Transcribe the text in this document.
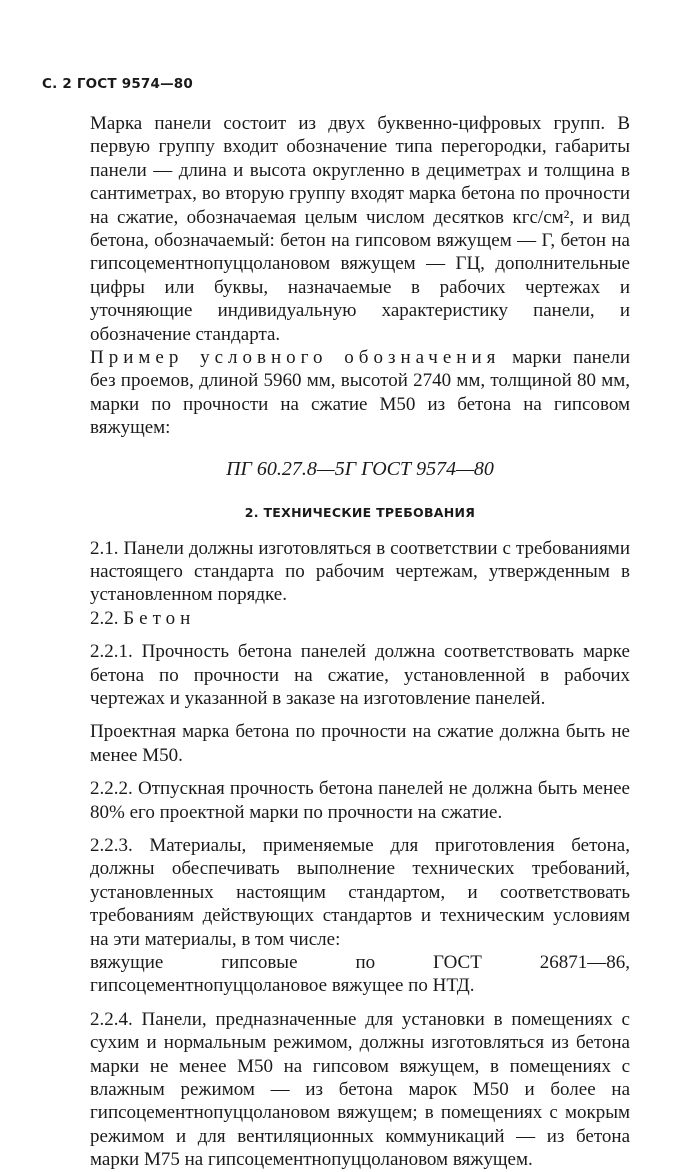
С. 2 ГОСТ 9574—80

Марка панели состоит из двух буквенно-цифровых групп. В первую группу входит обозначение типа перегородки, габариты панели — длина и высота округленно в дециметрах и толщина в сантиметрах, во вторую группу входят марка бетона по прочности на сжатие, обозначаемая целым числом десятков кгс/см², и вид бетона, обозначаемый: бетон на гипсовом вяжущем — Г, бетон на гипсоцементнопуццолановом вяжущем — ГЦ, дополнительные цифры или буквы, назначаемые в рабочих чертежах и уточняющие индивидуальную характеристику панели, и обозначение стандарта.

Пример условного обозначения марки панели без проемов, длиной 5960 мм, высотой 2740 мм, толщиной 80 мм, марки по прочности на сжатие М50 из бетона на гипсовом вяжущем:

ПГ 60.27.8—5Г ГОСТ 9574—80

2. ТЕХНИЧЕСКИЕ ТРЕБОВАНИЯ

2.1. Панели должны изготовляться в соответствии с требованиями настоящего стандарта по рабочим чертежам, утвержденным в установленном порядке.

2.2. Бетон

2.2.1. Прочность бетона панелей должна соответствовать марке бетона по прочности на сжатие, установленной в рабочих чертежах и указанной в заказе на изготовление панелей.

Проектная марка бетона по прочности на сжатие должна быть не менее М50.

2.2.2. Отпускная прочность бетона панелей не должна быть менее 80% его проектной марки по прочности на сжатие.

2.2.3. Материалы, применяемые для приготовления бетона, должны обеспечивать выполнение технических требований, установленных настоящим стандартом, и соответствовать требованиям действующих стандартов и техническим условиям на эти материалы, в том числе:

вяжущие гипсовые по ГОСТ 26871—86, гипсоцементнопуццолановое вяжущее по НТД.

2.2.4. Панели, предназначенные для установки в помещениях с сухим и нормальным режимом, должны изготовляться из бетона марки не менее М50 на гипсовом вяжущем, в помещениях с влажным режимом — из бетона марок М50 и более на гипсоцементнопуццолановом вяжущем; в помещениях с мокрым режимом и для вентиляционных коммуникаций — из бетона марки М75 на гипсоцементнопуццолановом вяжущем.
